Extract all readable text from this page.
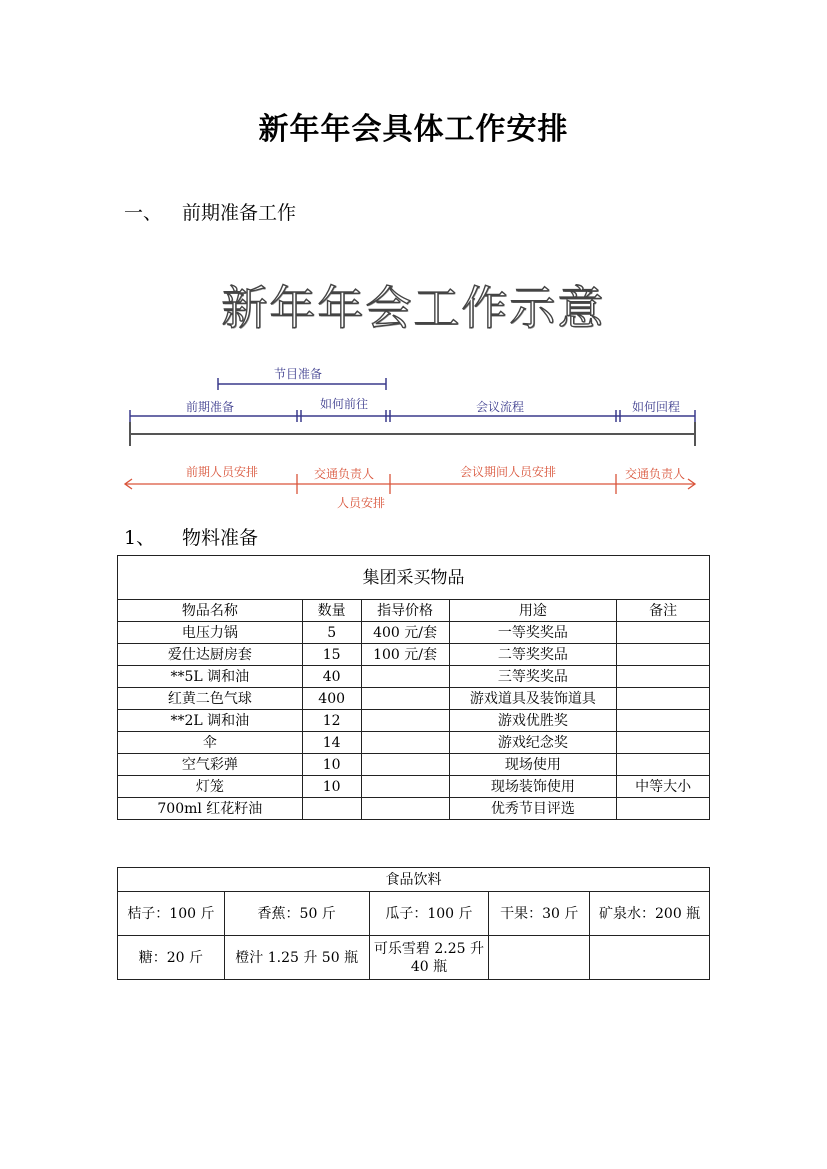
新年年会具体工作安排
一、 前期准备工作
新年年会工作示意
节目准备
前期准备	如何前往	会议流程	如何回程
前期人员安排	交通负责人	会议期间人员安排	交通负责人
人员安排
1、 物料准备
集团采买物品				
物品名称	数量	指导价格	用途	备注
电压力锅	5	400 元/套	一等奖奖品	
爱仕达厨房套	15	100 元/套	二等奖奖品	
**5L 调和油	40		三等奖奖品	
红黄二色气球	400		游戏道具及装饰道具	
**2L 调和油	12		游戏优胜奖	
伞	14		游戏纪念奖	
空气彩弹	10		现场使用	
灯笼	10		现场装饰使用	中等大小
700ml 红花籽油			优秀节目评选	
食品饮料				
桔子：100 斤	香蕉：50 斤	瓜子：100 斤	干果：30 斤	矿泉水：200 瓶
糖：20 斤	橙汁 1.25 升 50 瓶	可乐雪碧 2.25 升 40 瓶		
